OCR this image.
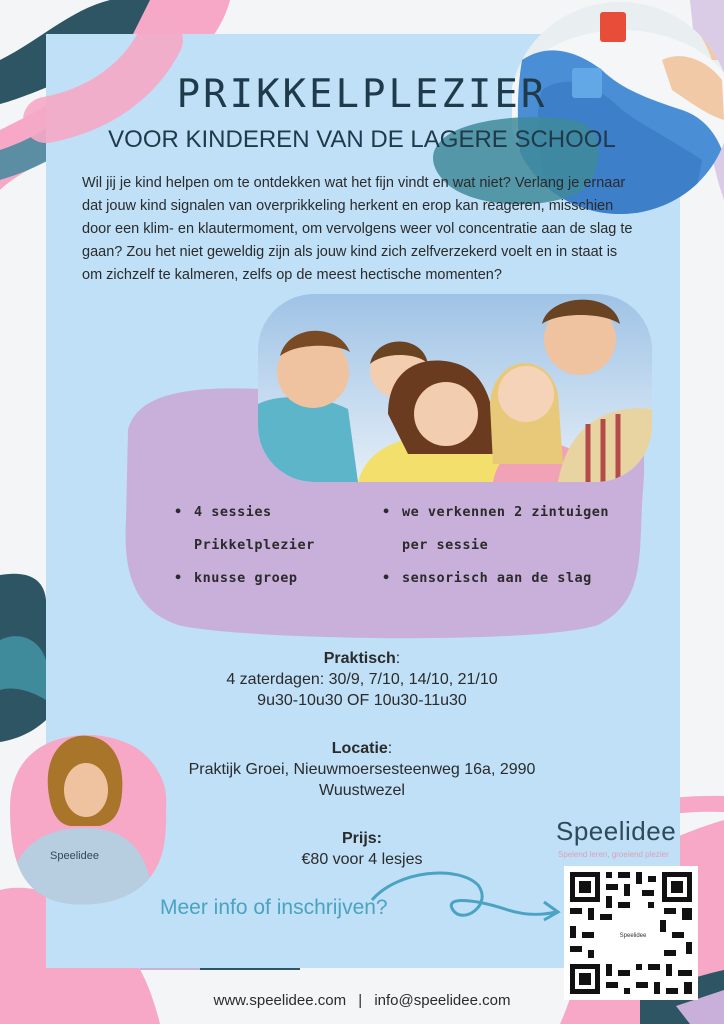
PRIKKELPLEZIER
VOOR KINDEREN VAN DE LAGERE SCHOOL
Wil jij je kind helpen om te ontdekken wat het fijn vindt en wat niet? Verlang je ernaar dat jouw kind signalen van overprikkeling herkent en erop kan reageren, misschien door een klim- en klautermoment, om vervolgens weer vol concentratie aan de slag te gaan? Zou het niet geweldig zijn als jouw kind zich zelfverzekerd voelt en in staat is om zichzelf te kalmeren, zelfs op de meest hectische momenten?
• 4 sessies Prikkelplezier
• knusse groep
• we verkennen 2 zintuigen per sessie
• sensorisch aan de slag
Praktisch:
4 zaterdagen: 30/9, 7/10, 14/10, 21/10
9u30-10u30 OF 10u30-11u30
Locatie:
Praktijk Groei, Nieuwmoersesteenweg 16a, 2990
Wuustwezel
Prijs:
€80 voor 4 lesjes
Speelidee
Meer info of inschrijven?
Speelidee
Spelend leren, groeiend plezier
Speelidee
www.speelidee.com | info@speelidee.com
